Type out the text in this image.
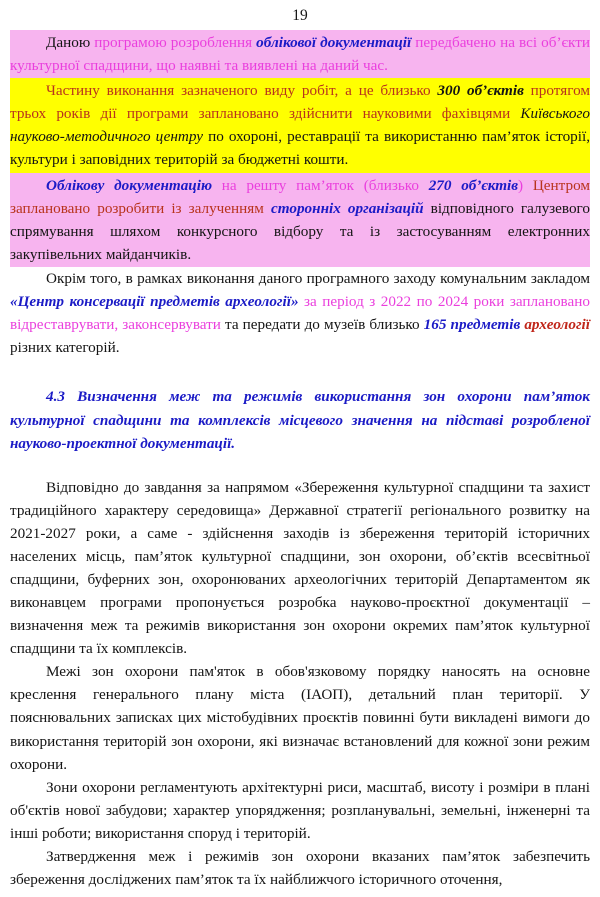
19

Даною програмою розроблення облікової документації передбачено на всі об’єкти культурної спадщини, що наявні та виявлені на даний час.

Частину виконання зазначеного виду робіт, а це близько 300 об’єктів протягом трьох років дії програми заплановано здійснити науковими фахівцями Київського науково-методичного центру по охороні, реставрації та використанню пам’яток історії, культури і заповідних територій за бюджетні кошти.

Облікову документацію на решту пам’яток (близько 270 об’єктів) Центром заплановано розробити із залученням сторонніх організацій відповідного галузевого спрямування шляхом конкурсного відбору та із застосуванням електронних закупівельних майданчиків.

Окрім того, в рамках виконання даного програмного заходу комунальним закладом «Центр консервації предметів археології» за період з 2022 по 2024 роки заплановано відреставрувати, законсервувати та передати до музеїв близько 165 предметів археології різних категорій.

4.3 Визначення меж та режимів використання зон охорони пам’яток культурної спадщини та комплексів місцевого значення на підставі розробленої науково-проектної документації.

Відповідно до завдання за напрямом «Збереження культурної спадщини та захист традиційного характеру середовища» Державної стратегії регіонального розвитку на 2021-2027 роки, а саме - здійснення заходів із збереження територій історичних населених місць, пам’яток культурної спадщини, зон охорони, об’єктів всесвітньої спадщини, буферних зон, охоронюваних археологічних територій Департаментом як виконавцем програми пропонується розробка науково-проєктної документації – визначення меж та режимів використання зон охорони окремих пам’яток культурної спадщини та їх комплексів.

Межі зон охорони пам'яток в обов'язковому порядку наносять на основне креслення генерального плану міста (ІАОП), детальний план території. У пояснювальних записках цих містобудівних проєктів повинні бути викладені вимоги до використання територій зон охорони, які визначає встановлений для кожної зони режим охорони.

Зони охорони регламентують архітектурні риси, масштаб, висоту і розміри в плані об'єктів нової забудови; характер упорядження; розпланувальні, земельні, інженерні та інші роботи; використання споруд і територій.

Затвердження меж і режимів зон охорони вказаних пам’яток забезпечить збереження досліджених пам’яток та їх найближчого історичного оточення,
